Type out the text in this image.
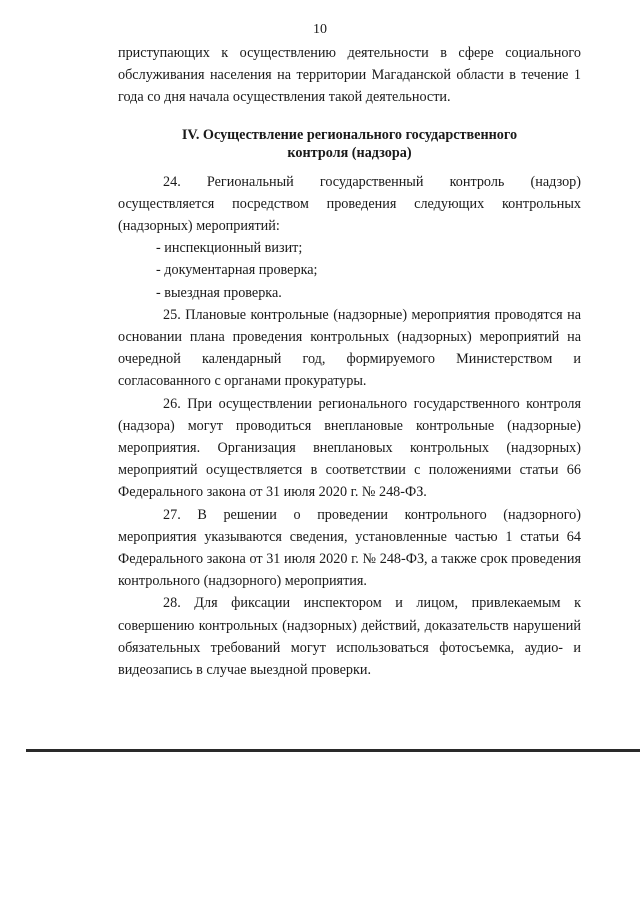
10

приступающих к осуществлению деятельности в сфере социального обслуживания населения на территории Магаданской области в течение 1 года со дня начала осуществления такой деятельности.

IV. Осуществление регионального государственного
контроля (надзора)

24. Региональный государственный контроль (надзор) осуществляется посредством проведения следующих контрольных (надзорных) мероприятий:

- инспекционный визит;

- документарная проверка;

- выездная проверка.

25. Плановые контрольные (надзорные) мероприятия проводятся на основании плана проведения контрольных (надзорных) мероприятий на очередной календарный год, формируемого Министерством и согласованного с органами прокуратуры.

26. При осуществлении регионального государственного контроля (надзора) могут проводиться внеплановые контрольные (надзорные) мероприятия. Организация внеплановых контрольных (надзорных) мероприятий осуществляется в соответствии с положениями статьи 66 Федерального закона от 31 июля 2020 г. № 248-ФЗ.

27. В решении о проведении контрольного (надзорного) мероприятия указываются сведения, установленные частью 1 статьи 64 Федерального закона от 31 июля 2020 г. № 248-ФЗ, а также срок проведения контрольного (надзорного) мероприятия.

28. Для фиксации инспектором и лицом, привлекаемым к совершению контрольных (надзорных) действий, доказательств нарушений обязательных требований могут использоваться фотосъемка, аудио- и видеозапись в случае выездной проверки.
